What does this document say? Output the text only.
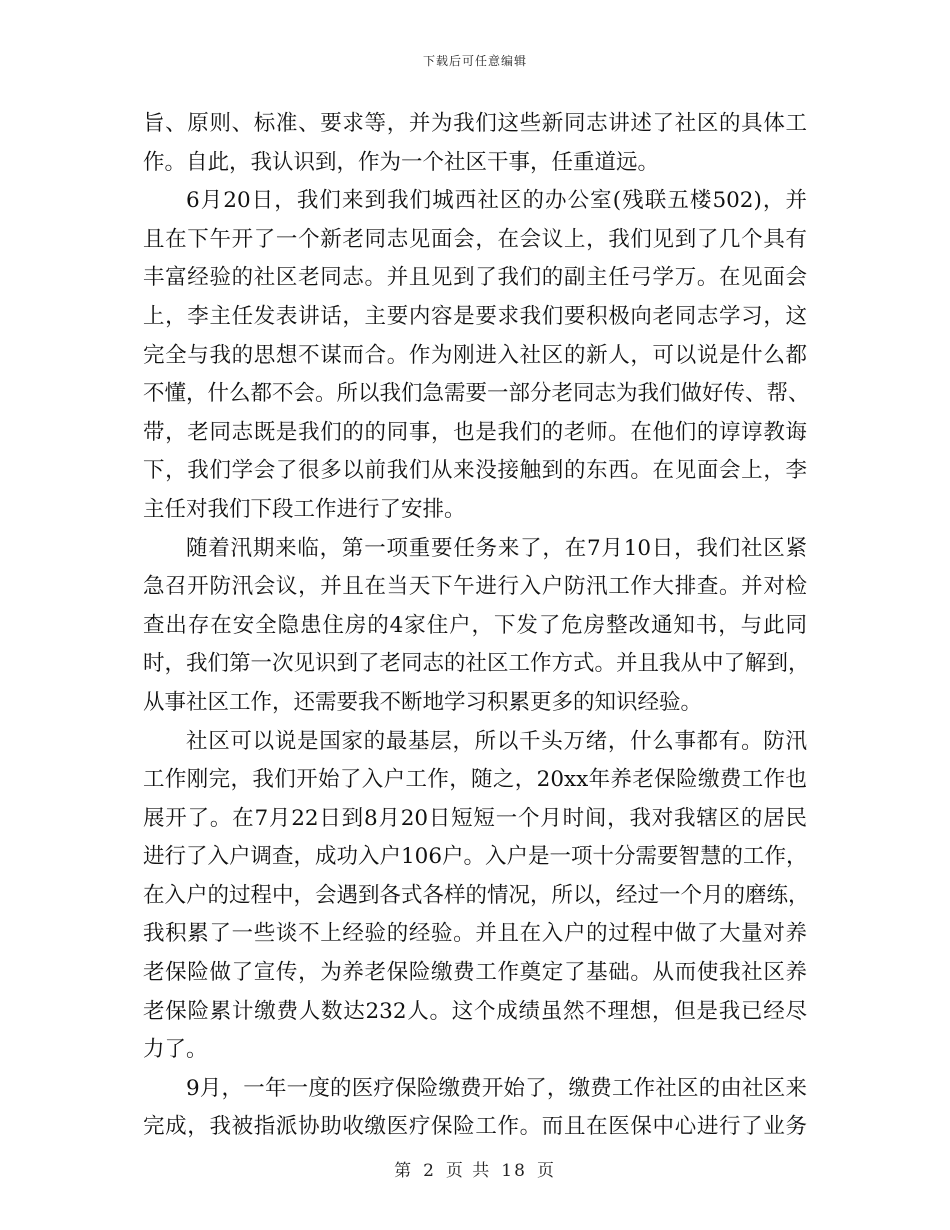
下载后可任意编辑
旨、原则、标准、要求等，并为我们这些新同志讲述了社区的具体工
作。自此，我认识到，作为一个社区干事，任重道远。
6月20日，我们来到我们城西社区的办公室(残联五楼502)，并
且在下午开了一个新老同志见面会，在会议上，我们见到了几个具有
丰富经验的社区老同志。并且见到了我们的副主任弓学万。在见面会
上，李主任发表讲话，主要内容是要求我们要积极向老同志学习，这
完全与我的思想不谋而合。作为刚进入社区的新人，可以说是什么都
不懂，什么都不会。所以我们急需要一部分老同志为我们做好传、帮、
带，老同志既是我们的的同事，也是我们的老师。在他们的谆谆教诲
下，我们学会了很多以前我们从来没接触到的东西。在见面会上，李
主任对我们下段工作进行了安排。
随着汛期来临，第一项重要任务来了，在7月10日，我们社区紧
急召开防汛会议，并且在当天下午进行入户防汛工作大排查。并对检
查出存在安全隐患住房的4家住户，下发了危房整改通知书，与此同
时，我们第一次见识到了老同志的社区工作方式。并且我从中了解到，
从事社区工作，还需要我不断地学习积累更多的知识经验。
社区可以说是国家的最基层，所以千头万绪，什么事都有。防汛
工作刚完，我们开始了入户工作，随之，20xx年养老保险缴费工作也
展开了。在7月22日到8月20日短短一个月时间，我对我辖区的居民
进行了入户调查，成功入户106户。入户是一项十分需要智慧的工作，
在入户的过程中，会遇到各式各样的情况，所以，经过一个月的磨练，
我积累了一些谈不上经验的经验。并且在入户的过程中做了大量对养
老保险做了宣传，为养老保险缴费工作奠定了基础。从而使我社区养
老保险累计缴费人数达232人。这个成绩虽然不理想，但是我已经尽
力了。
9月，一年一度的医疗保险缴费开始了，缴费工作社区的由社区来
完成，我被指派协助收缴医疗保险工作。而且在医保中心进行了业务
第 2 页 共 18 页
